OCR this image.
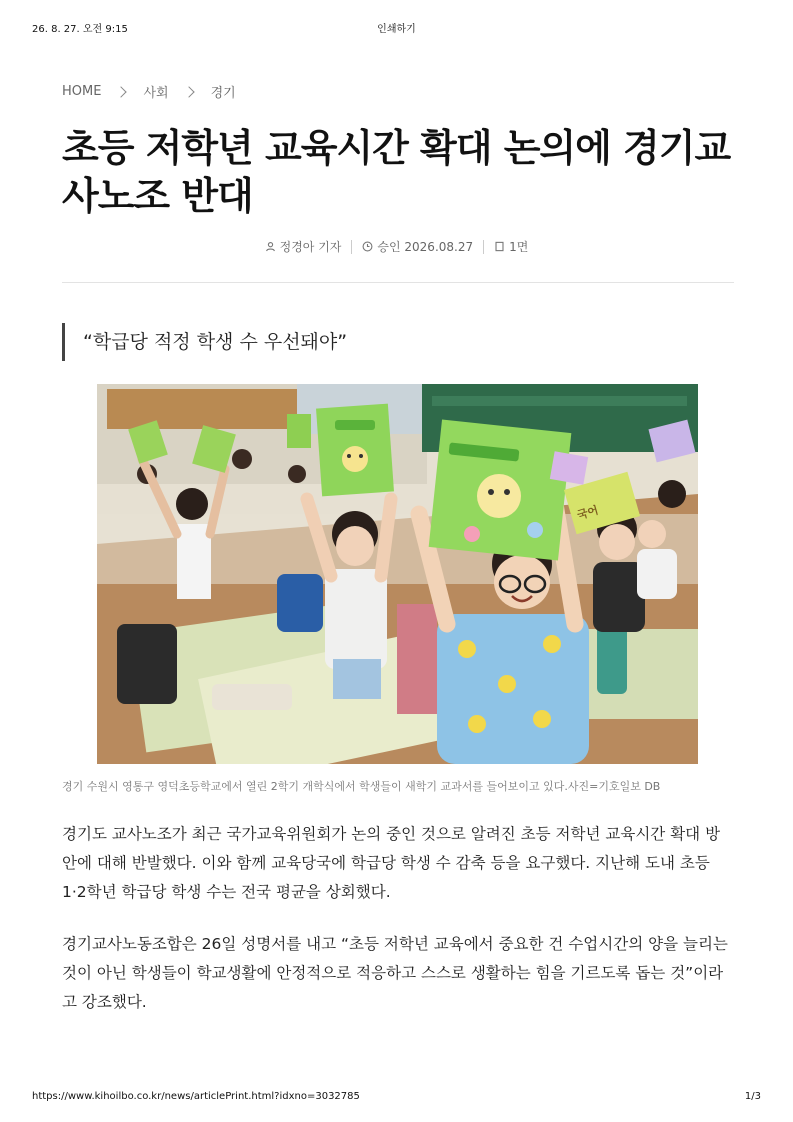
26. 8. 27. 오전 9:15	인쇄하기
HOME	사회	경기
초등 저학년 교육시간 확대 논의에 경기교사노조 반대
정경아 기자	승인 2026.08.27	1면
“학급당 적정 학생 수 우선돼야”
국어
경기 수원시 영통구 영덕초등학교에서 열린 2학기 개학식에서 학생들이 새학기 교과서를 들어보이고 있다.사진=기호일보 DB

경기도 교사노조가 최근 국가교육위원회가 논의 중인 것으로 알려진 초등 저학년 교육시간 확대 방안에 대해 반발했다. 이와 함께 교육당국에 학급당 학생 수 감축 등을 요구했다. 지난해 도내 초등 1·2학년 학급당 학생 수는 전국 평균을 상회했다.

경기교사노동조합은 26일 성명서를 내고 “초등 저학년 교육에서 중요한 건 수업시간의 양을 늘리는 것이 아닌 학생들이 학교생활에 안정적으로 적응하고 스스로 생활하는 힘을 기르도록 돕는 것”이라고 강조했다.

https://www.kihoilbo.co.kr/news/articlePrint.html?idxno=3032785	1/3
